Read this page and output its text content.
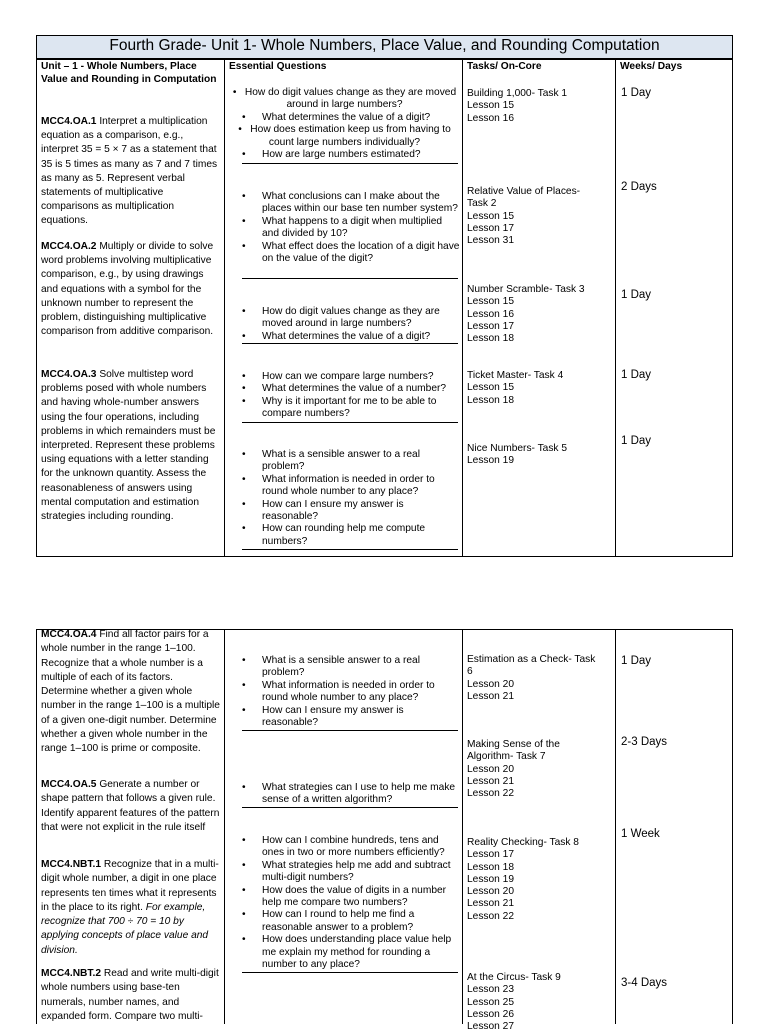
Fourth Grade- Unit 1- Whole Numbers, Place Value, and Rounding Computation
Unit – 1 - Whole Numbers, Place Value and Rounding in Computation
Essential Questions	Tasks/ On-Core	Weeks/ Days
MCC4.OA.1 Interpret a multiplication equation as a comparison, e.g., interpret 35 = 5 × 7 as a statement that 35 is 5 times as many as 7 and 7 times as many as 5. Represent verbal statements of multiplicative comparisons as multiplication equations.
MCC4.OA.2 Multiply or divide to solve word problems involving multiplicative comparison, e.g., by using drawings and equations with a symbol for the unknown number to represent the problem, distinguishing multiplicative comparison from additive comparison.
MCC4.OA.3 Solve multistep word problems posed with whole numbers and having whole-number answers using the four operations, including problems in which remainders must be interpreted. Represent these problems using equations with a letter standing for the unknown quantity. Assess the reasonableness of answers using mental computation and estimation strategies including rounding.
•   How do digit values change as they are moved around in large numbers?
• What determines the value of a digit?
•   How does estimation keep us from having to count large numbers individually?
• How are large numbers estimated?
• What conclusions can I make about the places within our base ten number system?
• What happens to a digit when multiplied and divided by 10?
• What effect does the location of a digit have on the value of the digit?
• How do digit values change as they are moved around in large numbers?
• What determines the value of a digit?
• How can we compare large numbers?
• What determines the value of a number?
• Why is it important for me to be able to compare numbers?
• What is a sensible answer to a real problem?
• What information is needed in order to round whole number to any place?
• How can I ensure my answer is reasonable?
• How can rounding help me compute numbers?
Building 1,000- Task 1
Lesson 15
Lesson 16
Relative Value of Places-
Task 2
Lesson 15
Lesson 17
Lesson 31
Number Scramble- Task 3
Lesson 15
Lesson 16
Lesson 17
Lesson 18
Ticket Master- Task 4
Lesson 15
Lesson 18
Nice Numbers- Task 5
Lesson 19
1 Day
2 Days
1 Day
1 Day
1 Day
MCC4.OA.4 Find all factor pairs for a whole number in the range 1–100. Recognize that a whole number is a multiple of each of its factors. Determine whether a given whole number in the range 1–100 is a multiple of a given one-digit number. Determine whether a given whole number in the range 1–100 is prime or composite.
MCC4.OA.5 Generate a number or shape pattern that follows a given rule. Identify apparent features of the pattern that were not explicit in the rule itself
MCC4.NBT.1 Recognize that in a multi-digit whole number, a digit in one place represents ten times what it represents in the place to its right. For example, recognize that 700 ÷ 70 = 10 by applying concepts of place value and division.
MCC4.NBT.2 Read and write multi-digit whole numbers using base-ten numerals, number names, and expanded form. Compare two multi-
• What is a sensible answer to a real problem?
• What information is needed in order to round whole number to any place?
• How can I ensure my answer is reasonable?
• What strategies can I use to help me make sense of a written algorithm?
• How can I combine hundreds, tens and ones in two or more numbers efficiently?
• What strategies help me add and subtract multi-digit numbers?
• How does the value of digits in a number help me compare two numbers?
• How can I round to help me find a reasonable answer to a problem?
• How does understanding place value help me explain my method for rounding a number to any place?
Estimation as a Check- Task
6
Lesson 20
Lesson 21
Making Sense of the
Algorithm- Task 7
Lesson 20
Lesson 21
Lesson 22
Reality Checking- Task 8
Lesson 17
Lesson 18
Lesson 19
Lesson 20
Lesson 21
Lesson 22
At the Circus- Task 9
Lesson 23
Lesson 25
Lesson 26
Lesson 27
1 Day
2-3 Days
1 Week
3-4 Days
